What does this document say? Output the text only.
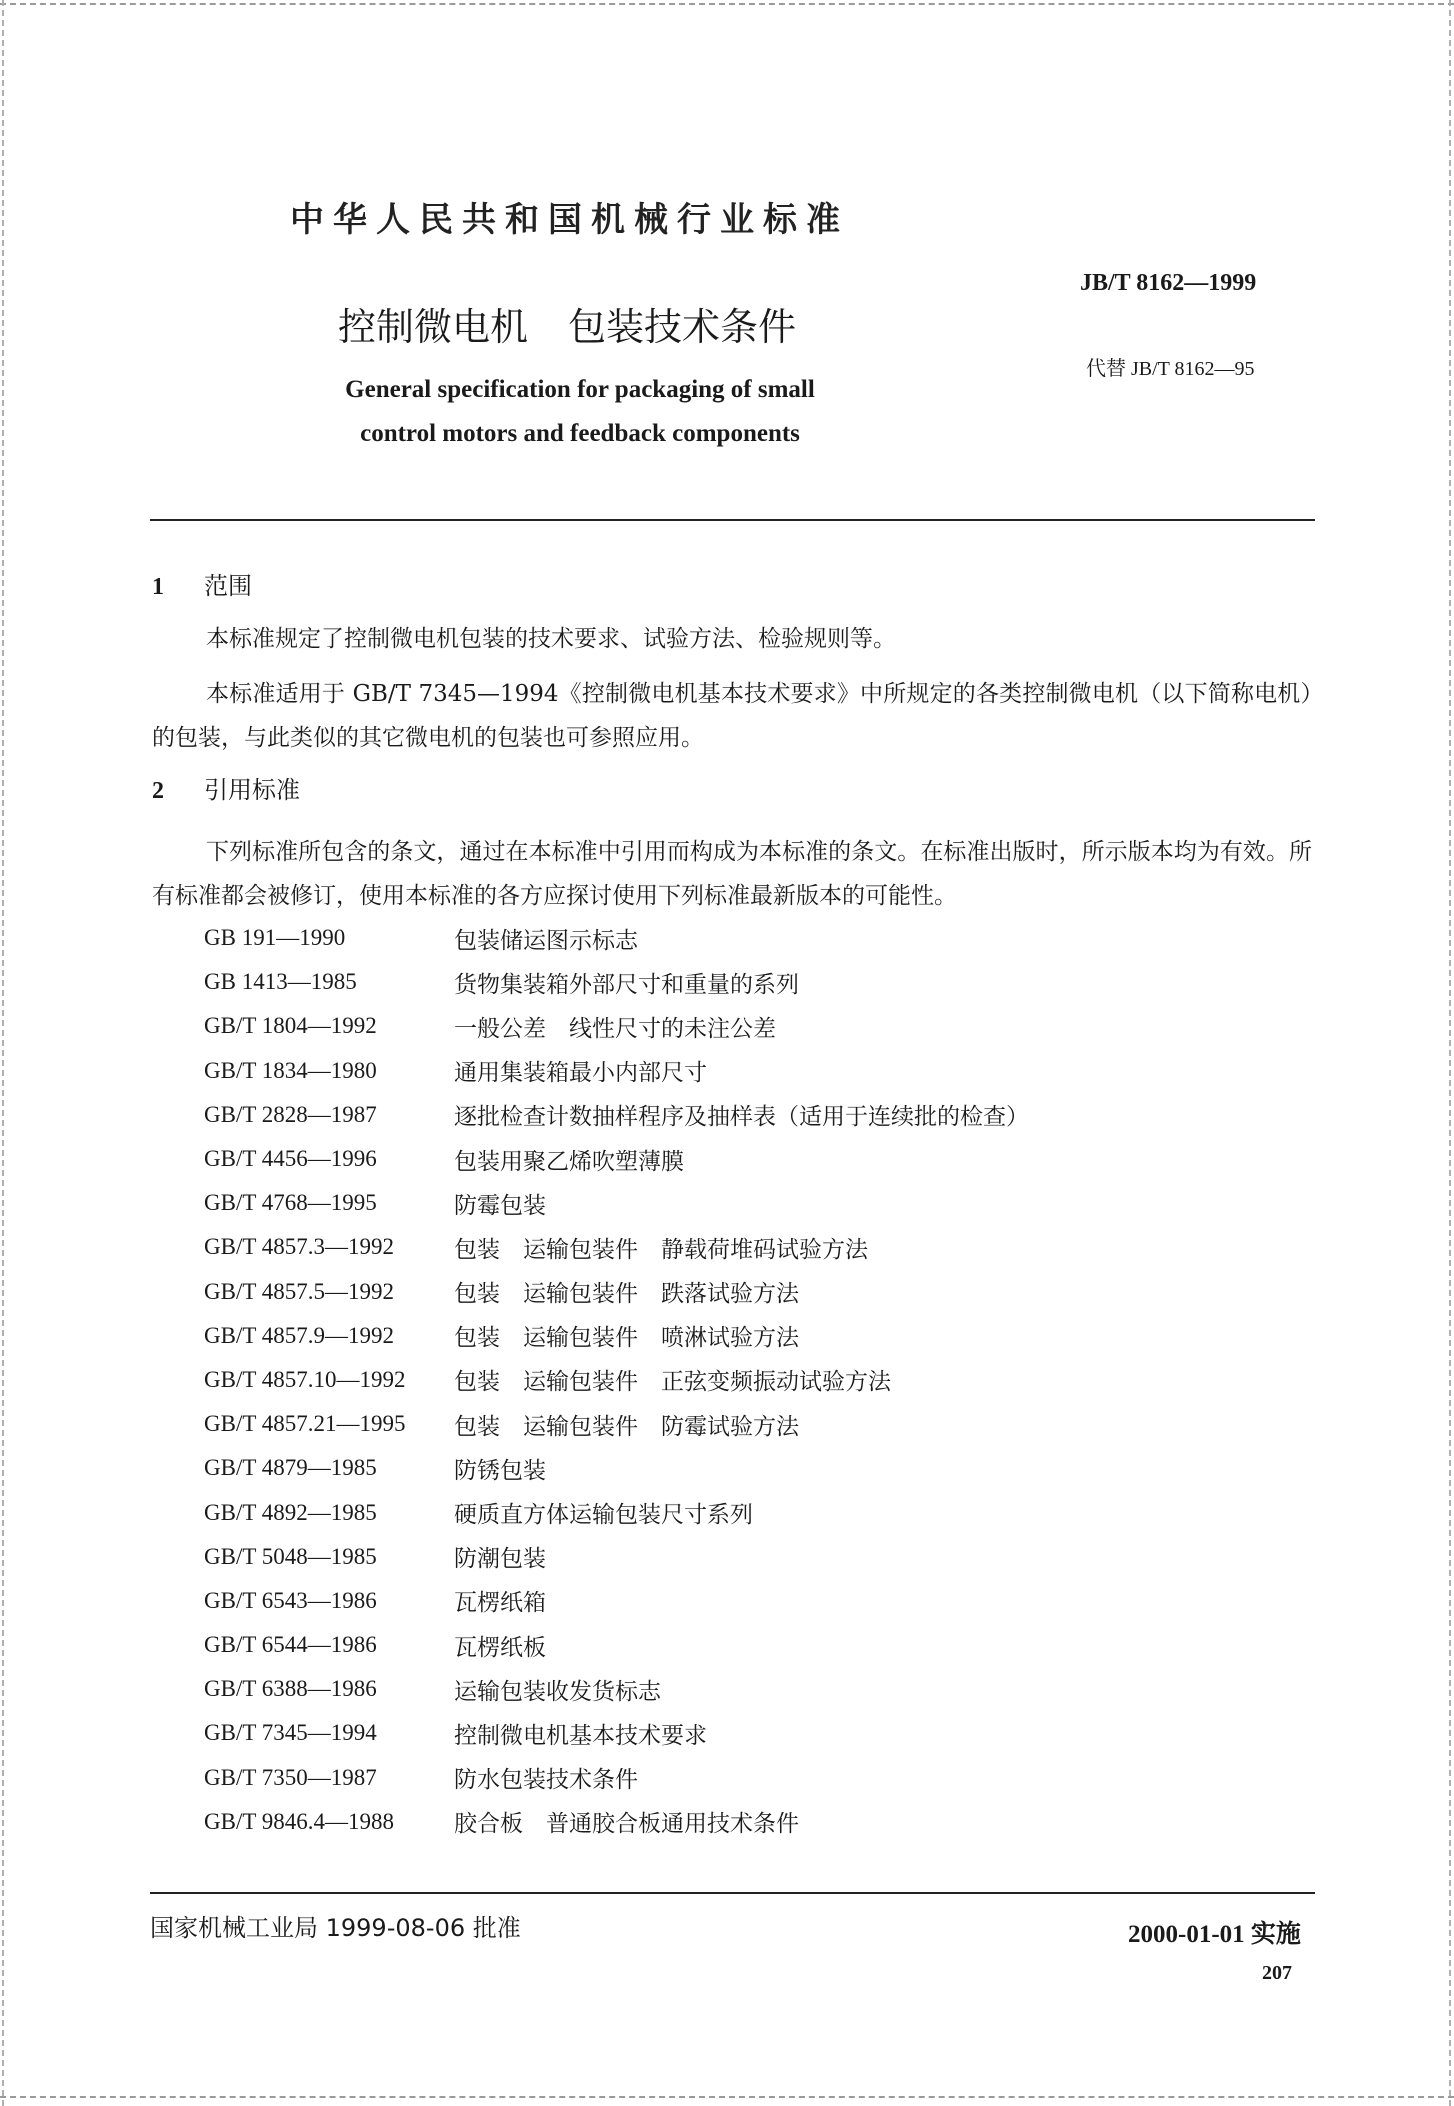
中华人民共和国机械行业标准
JB/T 8162—1999
控制微电机 包装技术条件
代替 JB/T 8162—95
General specification for packaging of small
control motors and feedback components
1 范围
本标准规定了控制微电机包装的技术要求、试验方法、检验规则等。
本标准适用于 GB/T 7345—1994《控制微电机基本技术要求》中所规定的各类控制微电机（以下简称电机）的包装，与此类似的其它微电机的包装也可参照应用。
2 引用标准
下列标准所包含的条文，通过在本标准中引用而构成为本标准的条文。在标准出版时，所示版本均为有效。所有标准都会被修订，使用本标准的各方应探讨使用下列标准最新版本的可能性。
GB 191—1990	包装储运图示标志
GB 1413—1985	货物集装箱外部尺寸和重量的系列
GB/T 1804—1992	一般公差　线性尺寸的未注公差
GB/T 1834—1980	通用集装箱最小内部尺寸
GB/T 2828—1987	逐批检查计数抽样程序及抽样表（适用于连续批的检查）
GB/T 4456—1996	包装用聚乙烯吹塑薄膜
GB/T 4768—1995	防霉包装
GB/T 4857.3—1992	包装　运输包装件　静载荷堆码试验方法
GB/T 4857.5—1992	包装　运输包装件　跌落试验方法
GB/T 4857.9—1992	包装　运输包装件　喷淋试验方法
GB/T 4857.10—1992	包装　运输包装件　正弦变频振动试验方法
GB/T 4857.21—1995	包装　运输包装件　防霉试验方法
GB/T 4879—1985	防锈包装
GB/T 4892—1985	硬质直方体运输包装尺寸系列
GB/T 5048—1985	防潮包装
GB/T 6543—1986	瓦楞纸箱
GB/T 6544—1986	瓦楞纸板
GB/T 6388—1986	运输包装收发货标志
GB/T 7345—1994	控制微电机基本技术要求
GB/T 7350—1987	防水包装技术条件
GB/T 9846.4—1988	胶合板　普通胶合板通用技术条件
国家机械工业局 1999-08-06 批准	2000-01-01 实施
207
